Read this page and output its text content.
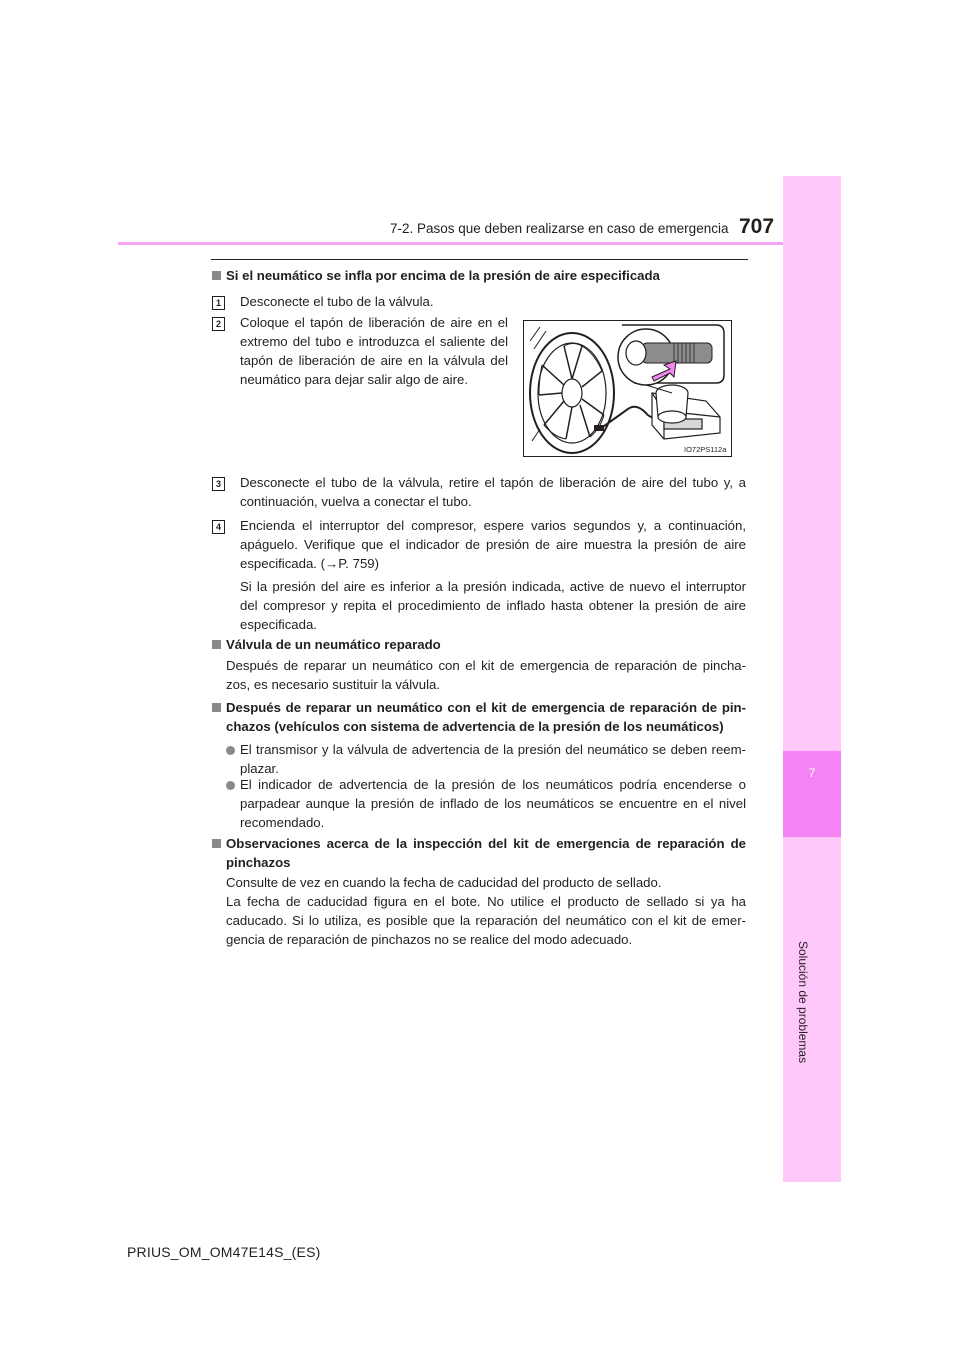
7-2. Pasos que deben realizarse en caso de emergencia 707
7
Solución de problemas
Si el neumático se infla por encima de la presión de aire especificada
1	Desconecte el tubo de la válvula.
2	Coloque el tapón de liberación de aire en el
extremo del tubo e introduzca el saliente del
tapón de liberación de aire en la válvula del
neumático para dejar salir algo de aire.
IO72PS112a
3	Desconecte el tubo de la válvula, retire el tapón de liberación de aire del tubo y, a
continuación, vuelva a conectar el tubo.
4	Encienda el interruptor del compresor, espere varios segundos y, a continuación,
apáguelo. Verifique que el indicador de presión de aire muestra la presión de aire
especificada. (→P. 759)
Si la presión del aire es inferior a la presión indicada, active de nuevo el interruptor
del compresor y repita el procedimiento de inflado hasta obtener la presión de aire
especificada.
Válvula de un neumático reparado
Después de reparar un neumático con el kit de emergencia de reparación de pincha-
zos, es necesario sustituir la válvula.
Después de reparar un neumático con el kit de emergencia de reparación de pin-
chazos (vehículos con sistema de advertencia de la presión de los neumáticos)
El transmisor y la válvula de advertencia de la presión del neumático se deben reem-
plazar.
El indicador de advertencia de la presión de los neumáticos podría encenderse o
parpadear aunque la presión de inflado de los neumáticos se encuentre en el nivel
recomendado.
Observaciones acerca de la inspección del kit de emergencia de reparación de
pinchazos
Consulte de vez en cuando la fecha de caducidad del producto de sellado.
La fecha de caducidad figura en el bote. No utilice el producto de sellado si ya ha
caducado. Si lo utiliza, es posible que la reparación del neumático con el kit de emer-
gencia de reparación de pinchazos no se realice del modo adecuado.
PRIUS_OM_OM47E14S_(ES)
